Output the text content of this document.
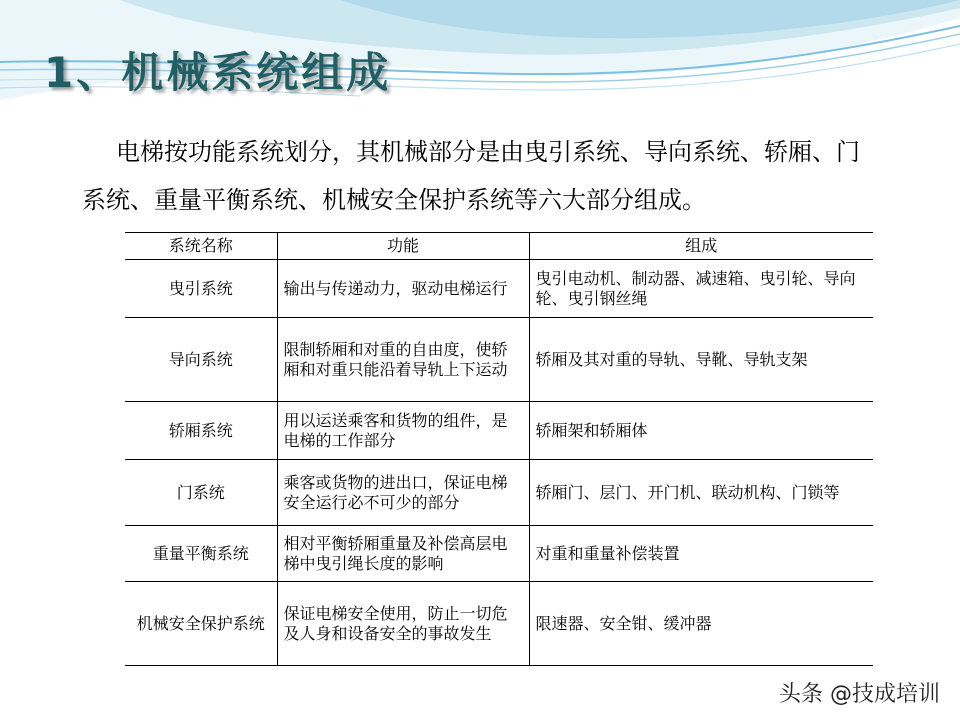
1、机械系统组成

电梯按功能系统划分，其机械部分是由曳引系统、导向系统、轿厢、门系统、重量平衡系统、机械安全保护系统等六大部分组成。

系统名称	功能	组成
曳引系统	输出与传递动力，驱动电梯运行	曳引电动机、制动器、减速箱、曳引轮、导向轮、曳引钢丝绳
导向系统	限制轿厢和对重的自由度，使轿厢和对重只能沿着导轨上下运动	轿厢及其对重的导轨、导靴、导轨支架
轿厢系统	用以运送乘客和货物的组件，是电梯的工作部分	轿厢架和轿厢体
门系统	乘客或货物的进出口，保证电梯安全运行必不可少的部分	轿厢门、层门、开门机、联动机构、门锁等
重量平衡系统	相对平衡轿厢重量及补偿高层电梯中曳引绳长度的影响	对重和重量补偿装置
机械安全保护系统	保证电梯安全使用，防止一切危及人身和设备安全的事故发生	限速器、安全钳、缓冲器
头条 @技成培训
